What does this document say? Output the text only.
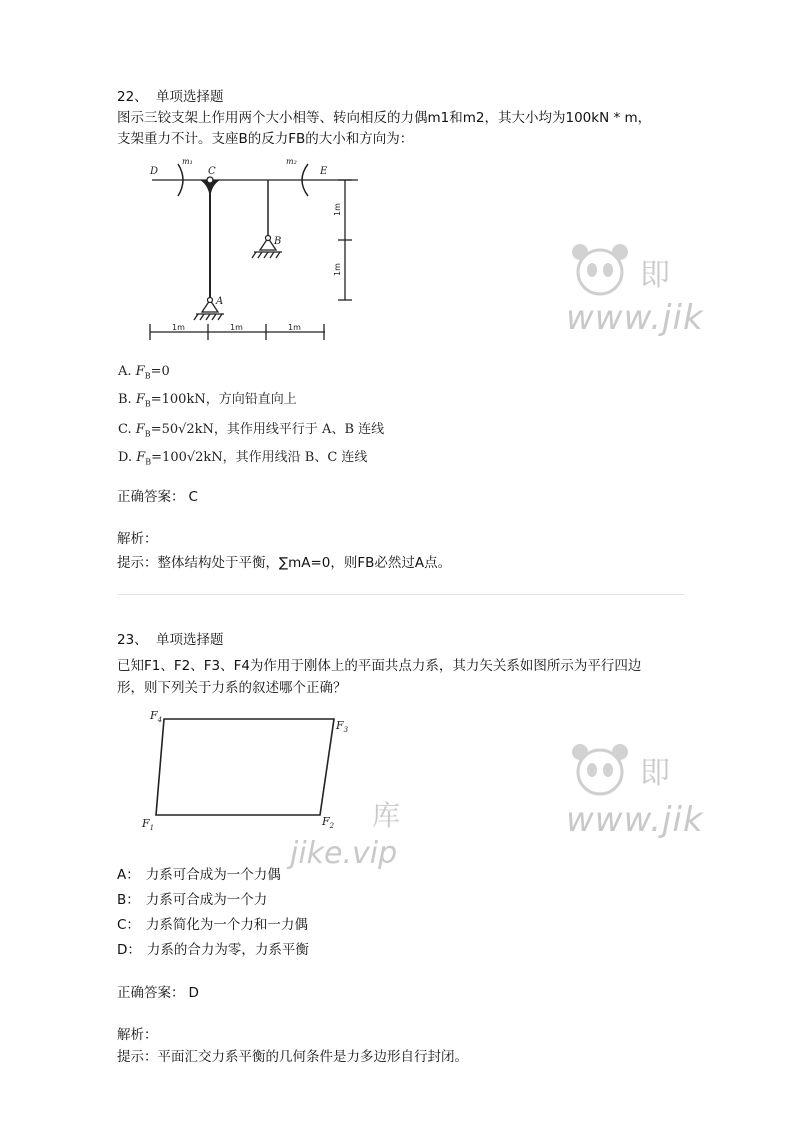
22、 单项选择题
图示三铰支架上作用两个大小相等、转向相反的力偶m1和m2，其大小均为100kN * m，
支架重力不计。支座B的反力FB的大小和方向为：
D
m₁
C
m₂
E
B
A
1m
1m
1m	1m	1m
A. $F_B=0$
B. $F_B=100kN$，方向铅直向上
C. $F_B=50√2kN$，其作用线平行于 A、B 连线
D. $F_B=100√2kN$，其作用线沿 B、C 连线
正确答案： C
解析：
提示：整体结构处于平衡，∑mA=0，则FB必然过A点。
23、 单项选择题
已知F1、F2、F3、F4为作用于刚体上的平面共点力系，其力矢关系如图所示为平行四边
形，则下列关于力系的叙述哪个正确？
$F_4$	$F_3$
$F_2$
$F_1$
A： 力系可合成为一个力偶
B： 力系可合成为一个力
C： 力系简化为一个力和一力偶
D： 力系的合力为零，力系平衡
正确答案： D
解析：
提示：平面汇交力系平衡的几何条件是力多边形自行封闭。
即
www.jik
即
www.jik
库
jike.vip
